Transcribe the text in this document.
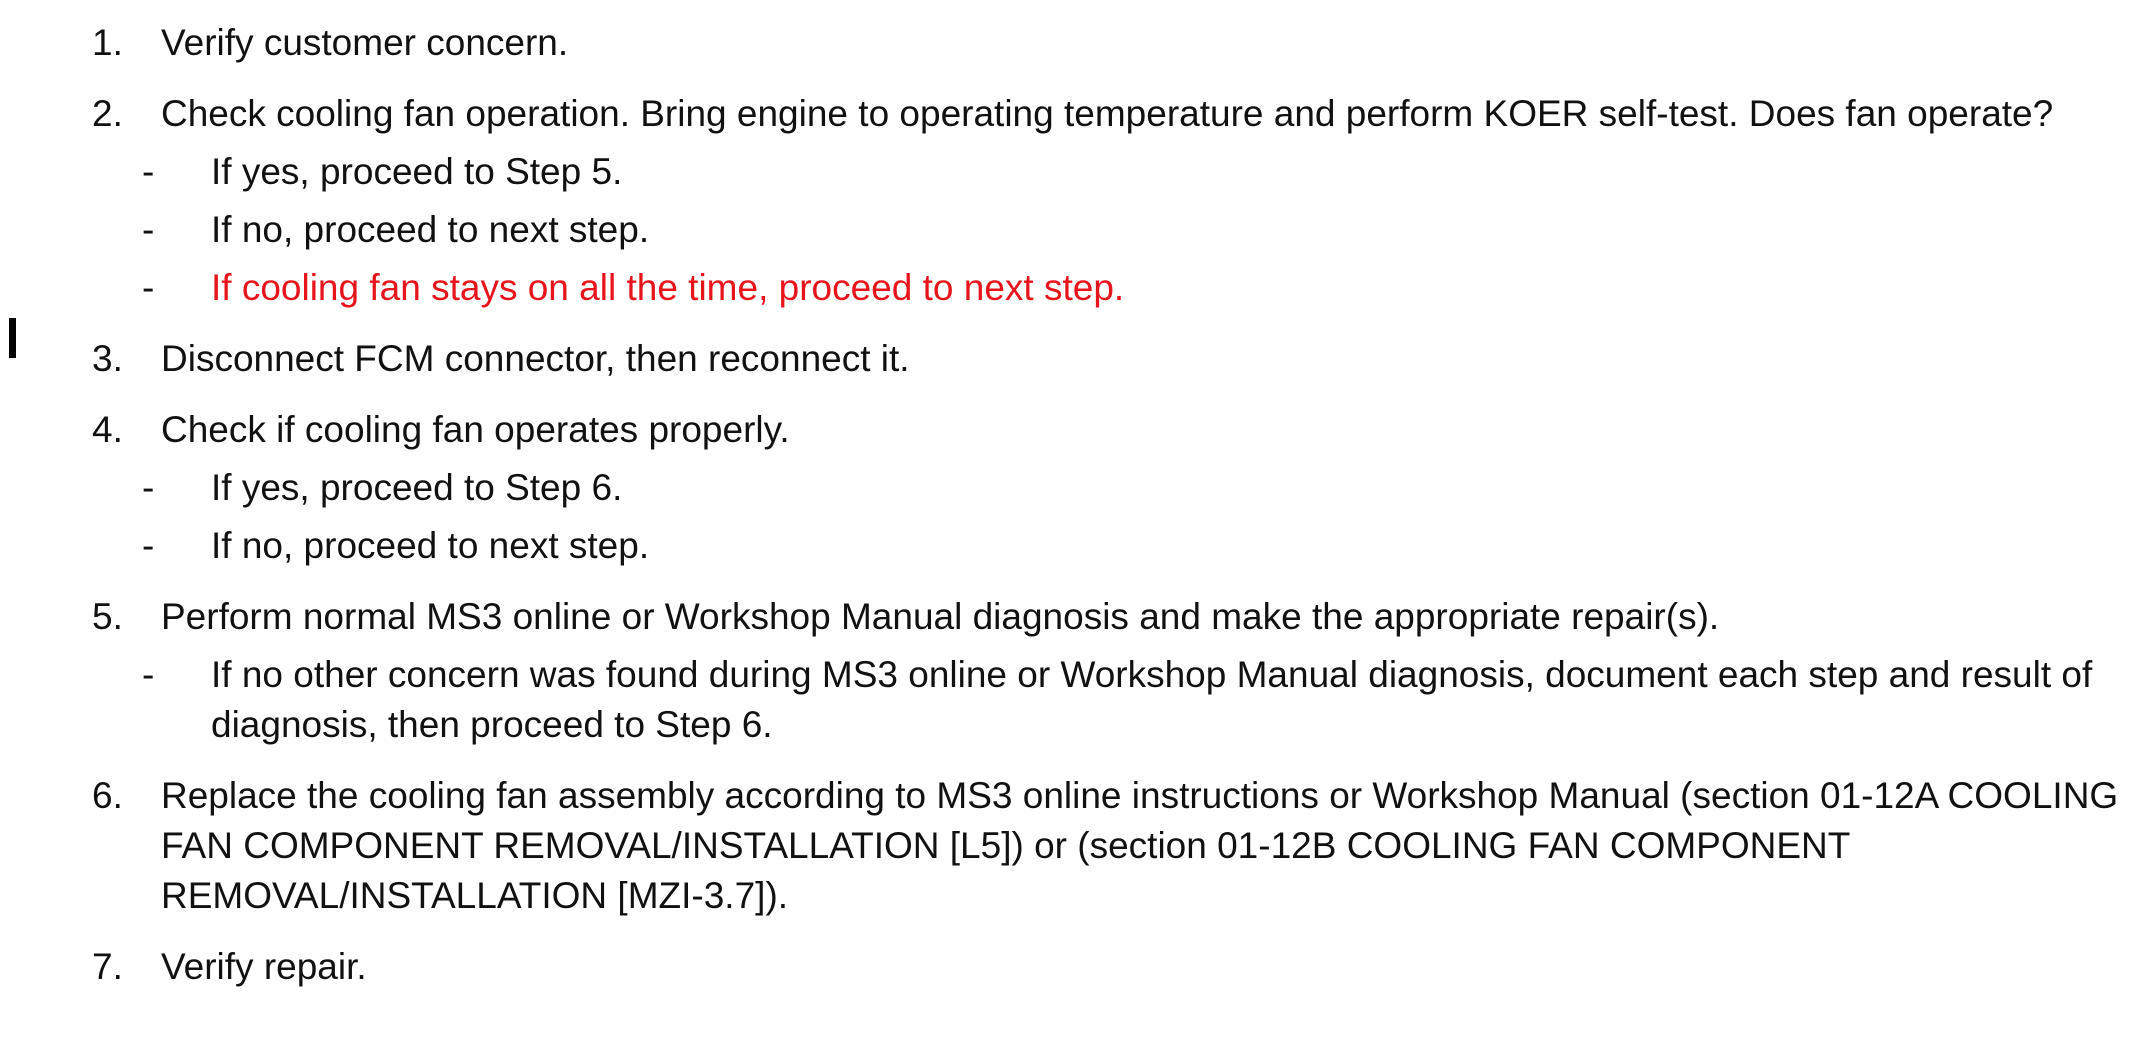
1. Verify customer concern.
2. Check cooling fan operation. Bring engine to operating temperature and perform KOER self-test. Does fan operate?
- If yes, proceed to Step 5.
- If no, proceed to next step.
- If cooling fan stays on all the time, proceed to next step.
3. Disconnect FCM connector, then reconnect it.
4. Check if cooling fan operates properly.
- If yes, proceed to Step 6.
- If no, proceed to next step.
5. Perform normal MS3 online or Workshop Manual diagnosis and make the appropriate repair(s).
- If no other concern was found during MS3 online or Workshop Manual diagnosis, document each step and result of diagnosis, then proceed to Step 6.
6. Replace the cooling fan assembly according to MS3 online instructions or Workshop Manual (section 01-12A COOLING FAN COMPONENT REMOVAL/INSTALLATION [L5]) or (section 01-12B COOLING FAN COMPONENT REMOVAL/INSTALLATION [MZI-3.7]).
7. Verify repair.
